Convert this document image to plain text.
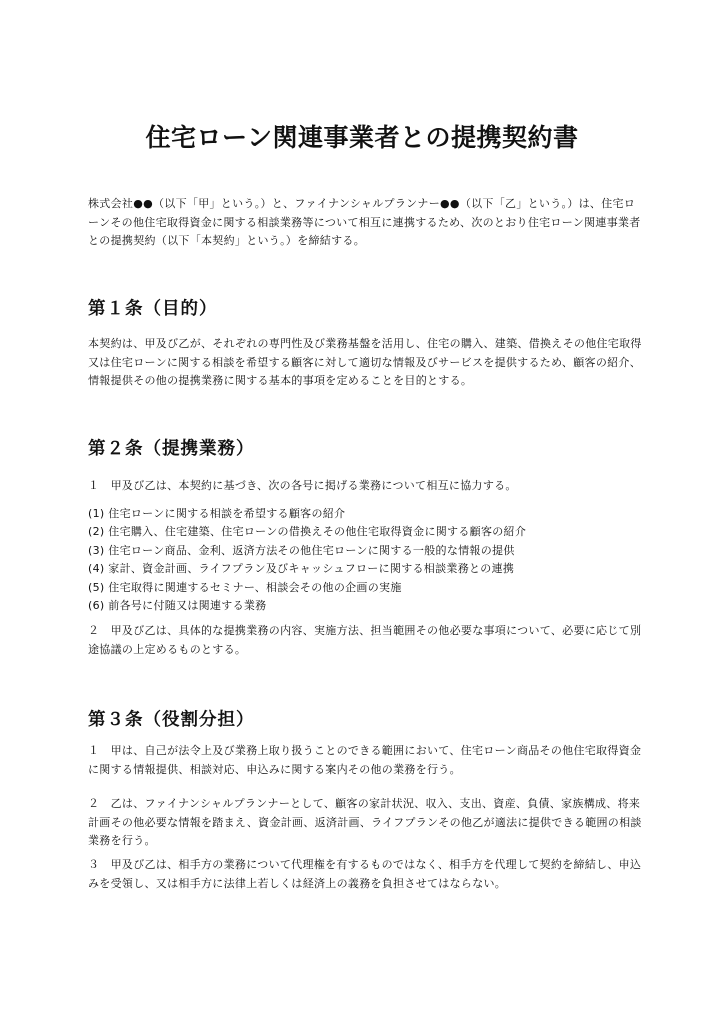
住宅ローン関連事業者との提携契約書

株式会社●●（以下「甲」という。）と、ファイナンシャルプランナー●●（以下「乙」という。）は、住宅ローンその他住宅取得資金に関する相談業務等について相互に連携するため、次のとおり住宅ローン関連事業者との提携契約（以下「本契約」という。）を締結する。

第１条（目的）

本契約は、甲及び乙が、それぞれの専門性及び業務基盤を活用し、住宅の購入、建築、借換えその他住宅取得又は住宅ローンに関する相談を希望する顧客に対して適切な情報及びサービスを提供するため、顧客の紹介、情報提供その他の提携業務に関する基本的事項を定めることを目的とする。

第２条（提携業務）

１　甲及び乙は、本契約に基づき、次の各号に掲げる業務について相互に協力する。

(1) 住宅ローンに関する相談を希望する顧客の紹介
(2) 住宅購入、住宅建築、住宅ローンの借換えその他住宅取得資金に関する顧客の紹介
(3) 住宅ローン商品、金利、返済方法その他住宅ローンに関する一般的な情報の提供
(4) 家計、資金計画、ライフプラン及びキャッシュフローに関する相談業務との連携
(5) 住宅取得に関連するセミナー、相談会その他の企画の実施
(6) 前各号に付随又は関連する業務

２　甲及び乙は、具体的な提携業務の内容、実施方法、担当範囲その他必要な事項について、必要に応じて別途協議の上定めるものとする。

第３条（役割分担）

１　甲は、自己が法令上及び業務上取り扱うことのできる範囲において、住宅ローン商品その他住宅取得資金に関する情報提供、相談対応、申込みに関する案内その他の業務を行う。

２　乙は、ファイナンシャルプランナーとして、顧客の家計状況、収入、支出、資産、負債、家族構成、将来計画その他必要な情報を踏まえ、資金計画、返済計画、ライフプランその他乙が適法に提供できる範囲の相談業務を行う。

３　甲及び乙は、相手方の業務について代理権を有するものではなく、相手方を代理して契約を締結し、申込みを受領し、又は相手方に法律上若しくは経済上の義務を負担させてはならない。
